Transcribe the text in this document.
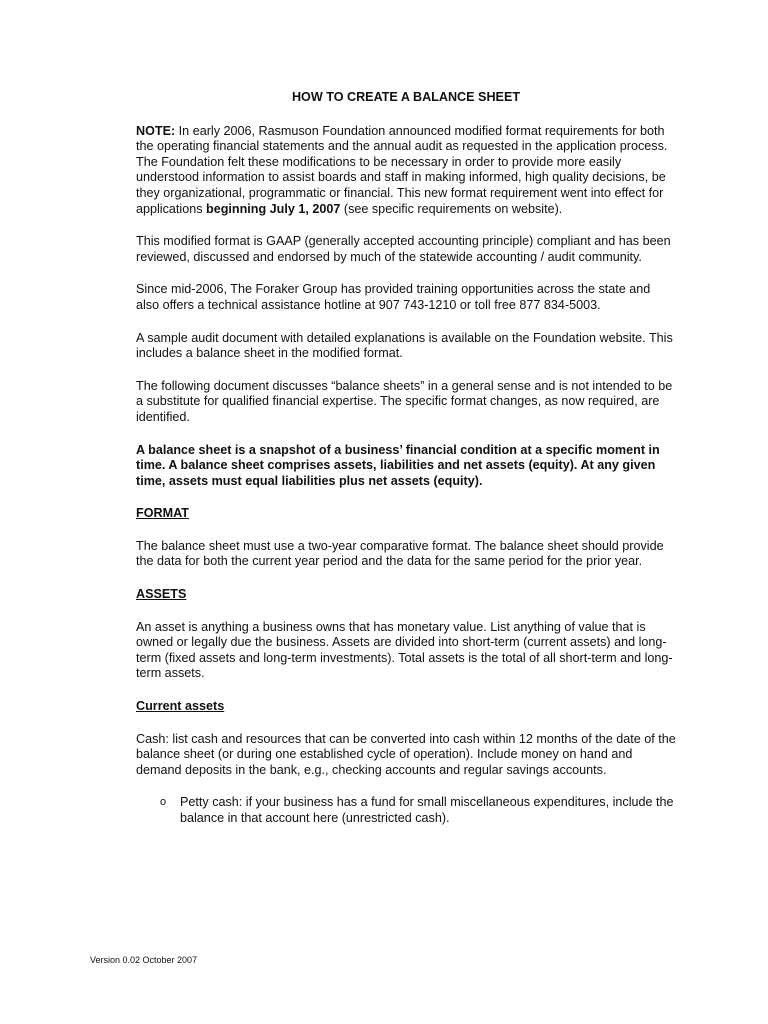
HOW TO CREATE A BALANCE SHEET

NOTE: In early 2006, Rasmuson Foundation announced modified format requirements for both the operating financial statements and the annual audit as requested in the application process. The Foundation felt these modifications to be necessary in order to provide more easily understood information to assist boards and staff in making informed, high quality decisions, be they organizational, programmatic or financial. This new format requirement went into effect for applications beginning July 1, 2007 (see specific requirements on website).

This modified format is GAAP (generally accepted accounting principle) compliant and has been reviewed, discussed and endorsed by much of the statewide accounting / audit community.

Since mid-2006, The Foraker Group has provided training opportunities across the state and also offers a technical assistance hotline at 907 743-1210 or toll free 877 834-5003.

A sample audit document with detailed explanations is available on the Foundation website. This includes a balance sheet in the modified format.

The following document discusses “balance sheets” in a general sense and is not intended to be a substitute for qualified financial expertise. The specific format changes, as now required, are identified.

A balance sheet is a snapshot of a business’ financial condition at a specific moment in time. A balance sheet comprises assets, liabilities and net assets (equity). At any given time, assets must equal liabilities plus net assets (equity).

FORMAT

The balance sheet must use a two-year comparative format. The balance sheet should provide the data for both the current year period and the data for the same period for the prior year.

ASSETS

An asset is anything a business owns that has monetary value. List anything of value that is owned or legally due the business. Assets are divided into short-term (current assets) and long-term (fixed assets and long-term investments). Total assets is the total of all short-term and long-term assets.

Current assets

Cash: list cash and resources that can be converted into cash within 12 months of the date of the balance sheet (or during one established cycle of operation). Include money on hand and demand deposits in the bank, e.g., checking accounts and regular savings accounts.

o Petty cash: if your business has a fund for small miscellaneous expenditures, include the balance in that account here (unrestricted cash).
Version 0.02 October 2007
